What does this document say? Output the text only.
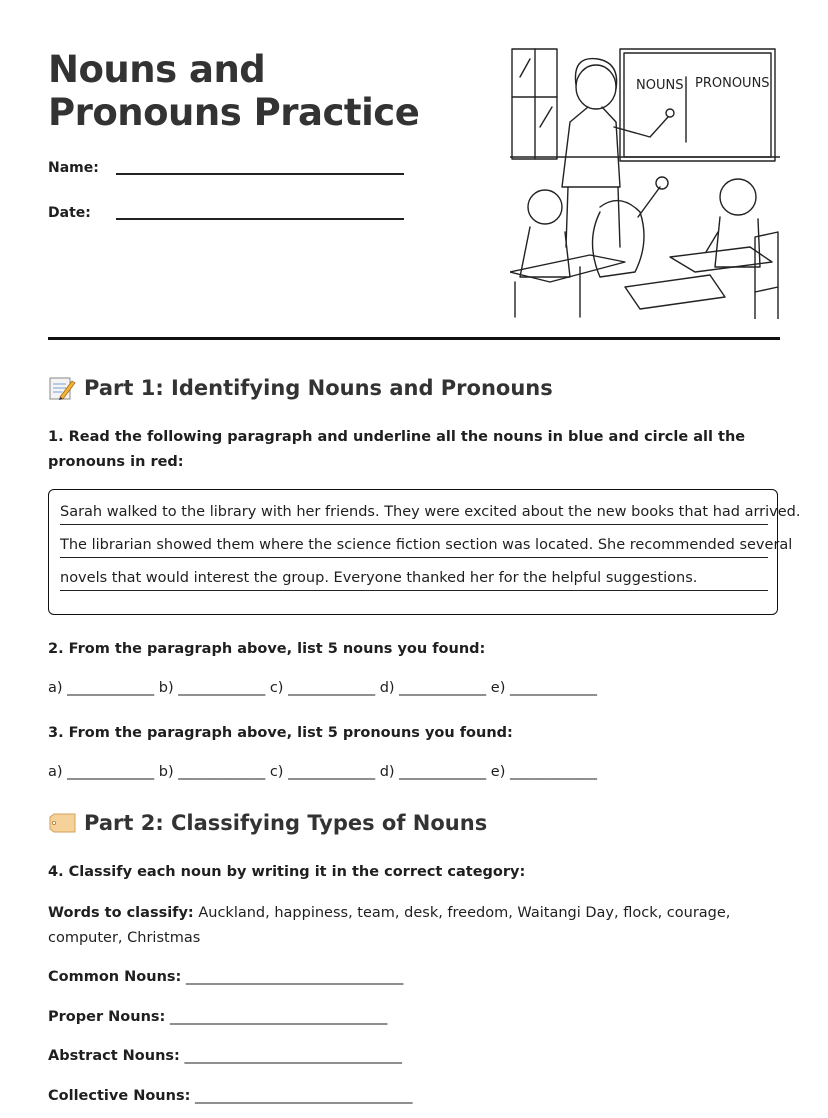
Nouns and Pronouns Practice
Name:
Date:
NOUNS PRONOUNS
Part 1: Identifying Nouns and Pronouns
1. Read the following paragraph and underline all the nouns in blue and circle all the pronouns in red:
Sarah walked to the library with her friends. They were excited about the new books that had arrived.
The librarian showed them where the science fiction section was located. She recommended several
novels that would interest the group. Everyone thanked her for the helpful suggestions.
2. From the paragraph above, list 5 nouns you found:
a) ____________ b) ____________ c) ____________ d) ____________ e) ____________
3. From the paragraph above, list 5 pronouns you found:
a) ____________ b) ____________ c) ____________ d) ____________ e) ____________
Part 2: Classifying Types of Nouns
4. Classify each noun by writing it in the correct category:
Words to classify: Auckland, happiness, team, desk, freedom, Waitangi Day, flock, courage, computer, Christmas
Common Nouns: ______________________________
Proper Nouns: ______________________________
Abstract Nouns: ______________________________
Collective Nouns: ______________________________
